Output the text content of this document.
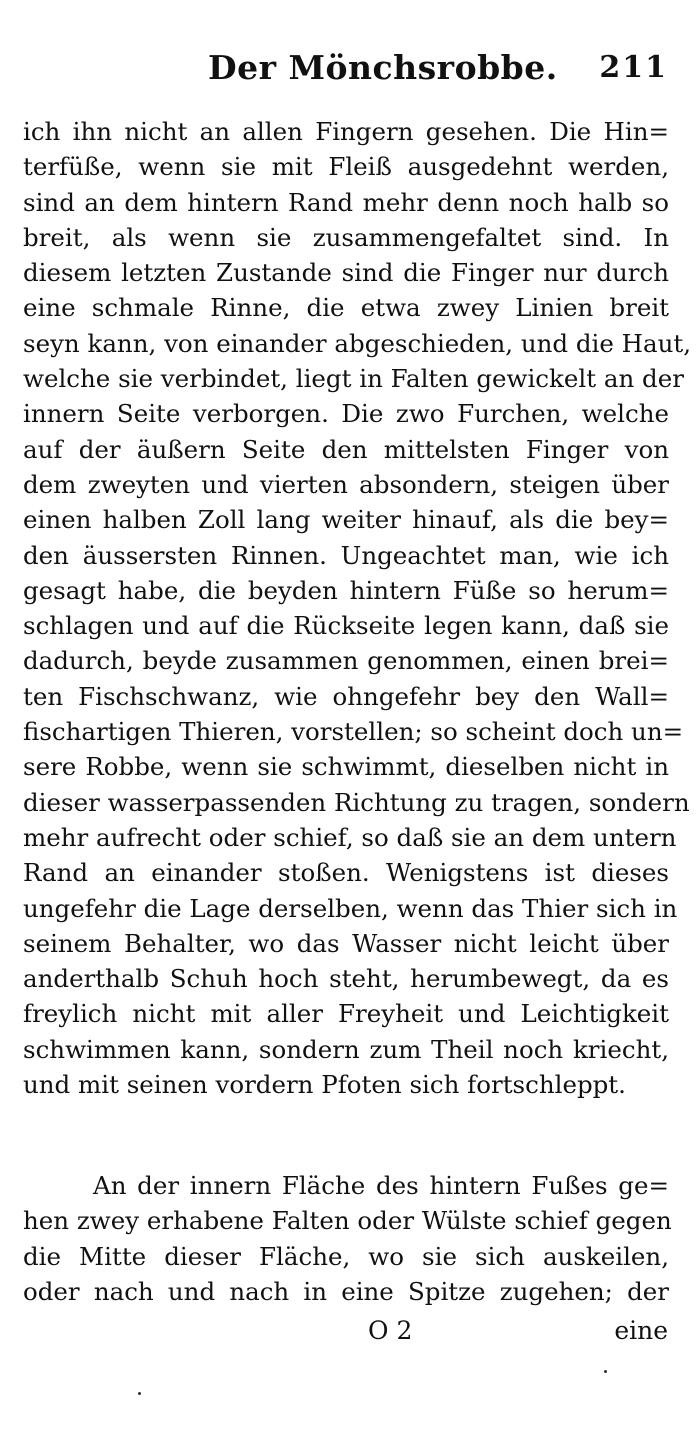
Der Mönchsrobbe. 211
ich ihn nicht an allen Fingern gesehen. Die Hin=
terfüße, wenn sie mit Fleiß ausgedehnt werden,
sind an dem hintern Rand mehr denn noch halb so
breit, als wenn sie zusammengefaltet sind. In
diesem letzten Zustande sind die Finger nur durch
eine schmale Rinne, die etwa zwey Linien breit
seyn kann, von einander abgeschieden, und die Haut,
welche sie verbindet, liegt in Falten gewickelt an der
innern Seite verborgen. Die zwo Furchen, welche
auf der äußern Seite den mittelsten Finger von
dem zweyten und vierten absondern, steigen über
einen halben Zoll lang weiter hinauf, als die bey=
den äussersten Rinnen. Ungeachtet man, wie ich
gesagt habe, die beyden hintern Füße so herum=
schlagen und auf die Rückseite legen kann, daß sie
dadurch, beyde zusammen genommen, einen brei=
ten Fischschwanz, wie ohngefehr bey den Wall=
fischartigen Thieren, vorstellen; so scheint doch un=
sere Robbe, wenn sie schwimmt, dieselben nicht in
dieser wasserpassenden Richtung zu tragen, sondern
mehr aufrecht oder schief, so daß sie an dem untern
Rand an einander stoßen. Wenigstens ist dieses
ungefehr die Lage derselben, wenn das Thier sich in
seinem Behalter, wo das Wasser nicht leicht über
anderthalb Schuh hoch steht, herumbewegt, da es
freylich nicht mit aller Freyheit und Leichtigkeit
schwimmen kann, sondern zum Theil noch kriecht,
und mit seinen vordern Pfoten sich fortschleppt.
An der innern Fläche des hintern Fußes ge=
hen zwey erhabene Falten oder Wülste schief gegen
die Mitte dieser Fläche, wo sie sich auskeilen,
oder nach und nach in eine Spitze zugehen; der
O 2	eine
